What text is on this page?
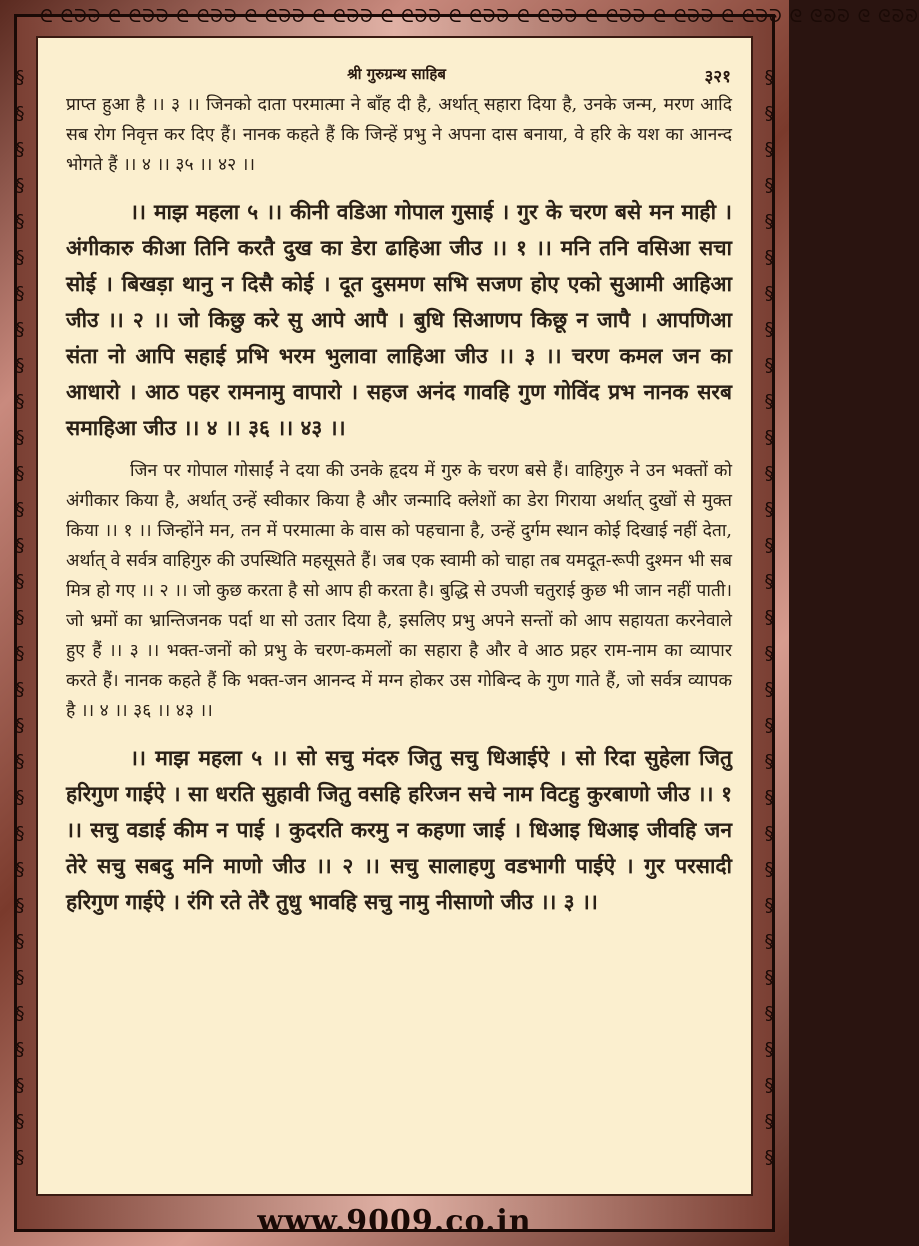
ᘓ ᘓᘐᘐ ᘓ ᘓᘐᘐ ᘓ ᘓᘐᘐ ᘓ ᘓᘐᘐ ᘓ ᘓᘐᘐ ᘓ ᘓᘐᘐ ᘓ ᘓᘐᘐ ᘓ ᘓᘐᘐ ᘓ ᘓᘐᘐ ᘓ ᘓᘐᘐ ᘓ ᘓᘐᘐ ᘓ ᘓᘐᘐ ᘓ ᘓᘐᘐ
§
§
§
§
§
§
§
§
§
§
§
§
§
§
§
§
§
§
§
§
§
§
§
§
§
§
§
§
§
§
§
§
§
§
§
§
§
§
§
§
§
§
§
§
§
§
§
§
§
§
§
§
§
§
§
§
§
§
§
§
§
§
श्री गुरुग्रन्थ साहिब	३२१

प्राप्त हुआ है ।। ३ ।। जिनको दाता परमात्मा ने बाँह दी है, अर्थात् सहारा दिया है, उनके जन्म, मरण आदि सब रोग निवृत्त कर दिए हैं। नानक कहते हैं कि जिन्हें प्रभु ने अपना दास बनाया, वे हरि के यश का आनन्द भोगते हैं ।। ४ ।। ३५ ।। ४२ ।।

।। माझ महला ५ ।। कीनी वडिआ गोपाल गुसाई । गुर के चरण बसे मन माही । अंगीकारु कीआ तिनि करतै दुख का डेरा ढाहिआ जीउ ।। १ ।। मनि तनि वसिआ सचा सोई । बिखड़ा थानु न दिसै कोई । दूत दुसमण सभि सजण होए एको सुआमी आहिआ जीउ ।। २ ।। जो किछु करे सु आपे आपै । बुधि सिआणप किछू न जापै । आपणिआ संता नो आपि सहाई प्रभि भरम भुलावा लाहिआ जीउ ।। ३ ।। चरण कमल जन का आधारो । आठ पहर रामनामु वापारो । सहज अनंद गावहि गुण गोविंद प्रभ नानक सरब समाहिआ जीउ ।। ४ ।। ३६ ।। ४३ ।।

जिन पर गोपाल गोसाईं ने दया की उनके हृदय में गुरु के चरण बसे हैं। वाहिगुरु ने उन भक्तों को अंगीकार किया है, अर्थात् उन्हें स्वीकार किया है और जन्मादि क्लेशों का डेरा गिराया अर्थात् दुखों से मुक्त किया ।। १ ।। जिन्होंने मन, तन में परमात्मा के वास को पहचाना है, उन्हें दुर्गम स्थान कोई दिखाई नहीं देता, अर्थात् वे सर्वत्र वाहिगुरु की उपस्थिति महसूसते हैं। जब एक स्वामी को चाहा तब यमदूत-रूपी दुश्मन भी सब मित्र हो गए ।। २ ।। जो कुछ करता है सो आप ही करता है। बुद्धि से उपजी चतुराई कुछ भी जान नहीं पाती। जो भ्रमों का भ्रान्तिजनक पर्दा था सो उतार दिया है, इसलिए प्रभु अपने सन्तों को आप सहायता करनेवाले हुए हैं ।। ३ ।। भक्त-जनों को प्रभु के चरण-कमलों का सहारा है और वे आठ प्रहर राम-नाम का व्यापार करते हैं। नानक कहते हैं कि भक्त-जन आनन्द में मग्न होकर उस गोबिन्द के गुण गाते हैं, जो सर्वत्र व्यापक है ।। ४ ।। ३६ ।। ४३ ।।

।। माझ महला ५ ।। सो सचु मंदरु जितु सचु धिआईऐ । सो रिदा सुहेला जितु हरिगुण गाईऐ । सा धरति सुहावी जितु वसहि हरिजन सचे नाम विटहु कुरबाणो जीउ ।। १ ।। सचु वडाई कीम न पाई । कुदरति करमु न कहणा जाई । धिआइ धिआइ जीवहि जन तेरे सचु सबदु मनि माणो जीउ ।। २ ।। सचु सालाहणु वडभागी पाईऐ । गुर परसादी हरिगुण गाईऐ । रंगि रते तेरै तुधु भावहि सचु नामु नीसाणो जीउ ।। ३ ।।

www.9009.co.in
